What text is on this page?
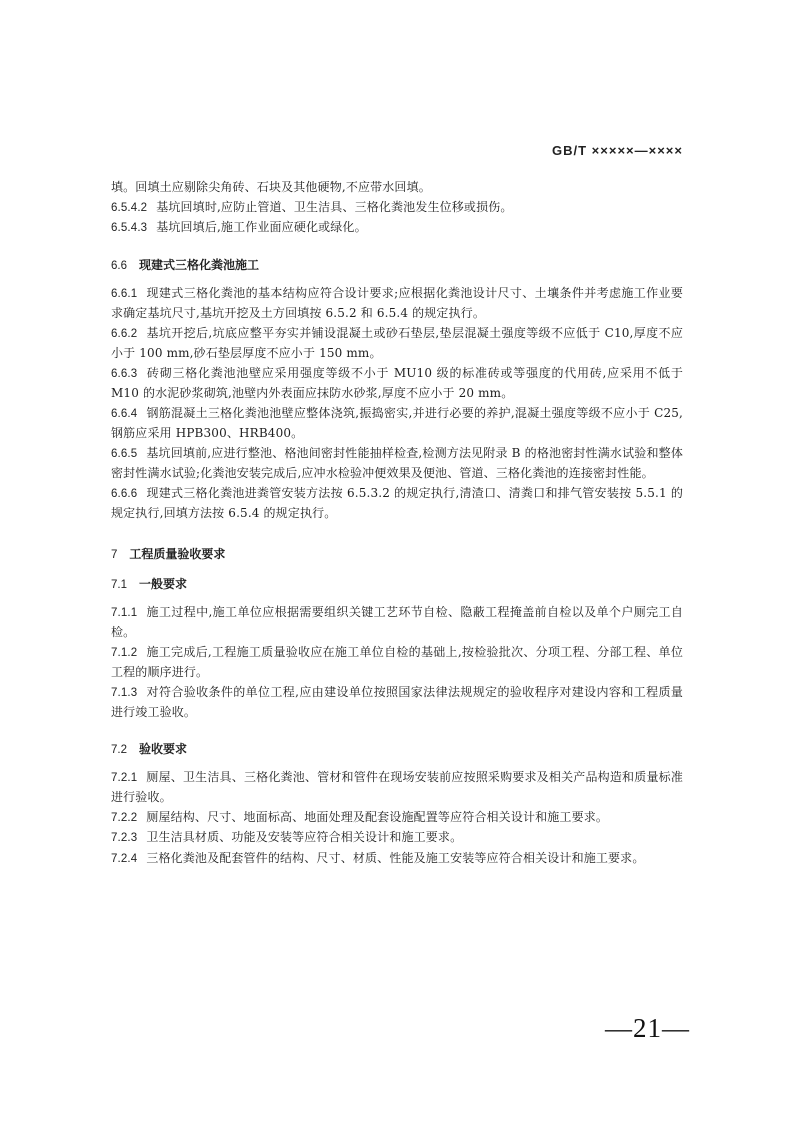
GB/T ×××××—××××

填。回填土应剔除尖角砖、石块及其他硬物,不应带水回填。

6.5.4.2 基坑回填时,应防止管道、卫生洁具、三格化粪池发生位移或损伤。

6.5.4.3 基坑回填后,施工作业面应硬化或绿化。

6.6 现建式三格化粪池施工

6.6.1 现建式三格化粪池的基本结构应符合设计要求;应根据化粪池设计尺寸、土壤条件并考虑施工作业要求确定基坑尺寸,基坑开挖及土方回填按 6.5.2 和 6.5.4 的规定执行。

6.6.2 基坑开挖后,坑底应整平夯实并铺设混凝土或砂石垫层,垫层混凝土强度等级不应低于 C10,厚度不应小于 100 mm,砂石垫层厚度不应小于 150 mm。

6.6.3 砖砌三格化粪池池壁应采用强度等级不小于 MU10 级的标准砖或等强度的代用砖,应采用不低于 M10 的水泥砂浆砌筑,池壁内外表面应抹防水砂浆,厚度不应小于 20 mm。

6.6.4 钢筋混凝土三格化粪池池壁应整体浇筑,振捣密实,并进行必要的养护,混凝土强度等级不应小于 C25,钢筋应采用 HPB300、HRB400。

6.6.5 基坑回填前,应进行整池、格池间密封性能抽样检查,检测方法见附录 B 的格池密封性满水试验和整体密封性满水试验;化粪池安装完成后,应冲水检验冲便效果及便池、管道、三格化粪池的连接密封性能。

6.6.6 现建式三格化粪池进粪管安装方法按 6.5.3.2 的规定执行,清渣口、清粪口和排气管安装按 5.5.1 的规定执行,回填方法按 6.5.4 的规定执行。

7 工程质量验收要求

7.1 一般要求

7.1.1 施工过程中,施工单位应根据需要组织关键工艺环节自检、隐蔽工程掩盖前自检以及单个户厕完工自检。

7.1.2 施工完成后,工程施工质量验收应在施工单位自检的基础上,按检验批次、分项工程、分部工程、单位工程的顺序进行。

7.1.3 对符合验收条件的单位工程,应由建设单位按照国家法律法规规定的验收程序对建设内容和工程质量进行竣工验收。

7.2 验收要求

7.2.1 厕屋、卫生洁具、三格化粪池、管材和管件在现场安装前应按照采购要求及相关产品构造和质量标准进行验收。

7.2.2 厕屋结构、尺寸、地面标高、地面处理及配套设施配置等应符合相关设计和施工要求。

7.2.3 卫生洁具材质、功能及安装等应符合相关设计和施工要求。

7.2.4 三格化粪池及配套管件的结构、尺寸、材质、性能及施工安装等应符合相关设计和施工要求。

—21—
